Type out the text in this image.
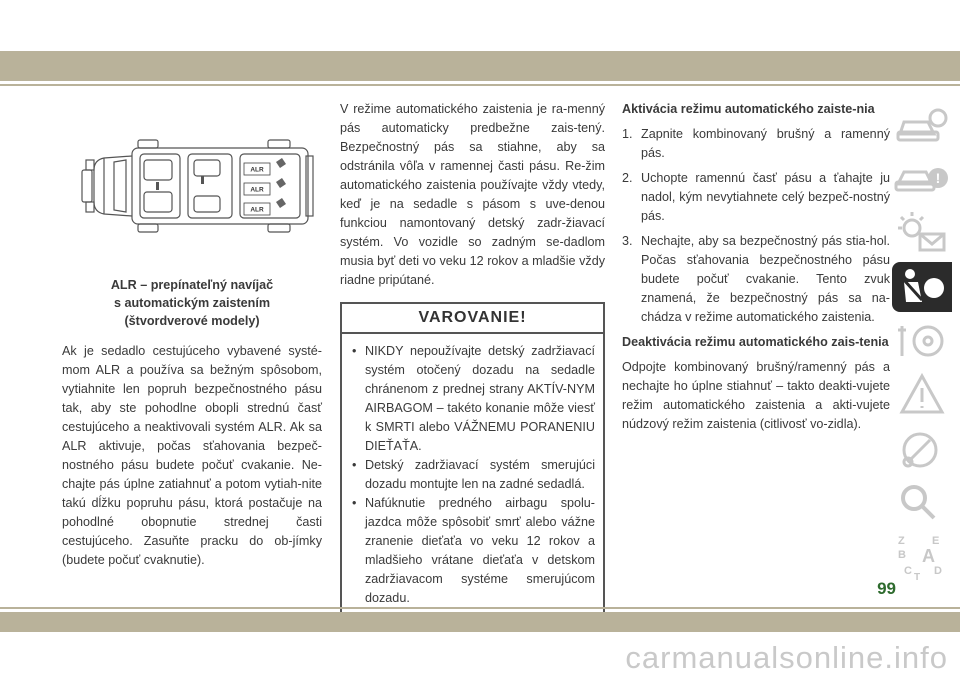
ALR
ALR
ALR
ALR – prepínateľný navíjač
s automatickým zaistením
(štvordverové modely)

Ak je sedadlo cestujúceho vybavené systé-mom ALR a používa sa bežným spôsobom, vytiahnite len popruh bezpečnostného pásu tak, aby ste pohodlne obopli strednú časť cestujúceho a neaktivovali systém ALR. Ak sa ALR aktivuje, počas sťahovania bezpeč-nostného pásu budete počuť cvakanie. Ne-chajte pás úplne zatiahnuť a potom vytiah-nite takú dĺžku popruhu pásu, ktorá postačuje na pohodlné obopnutie strednej časti cestujúceho. Zasuňte pracku do ob-jímky (budete počuť cvaknutie).

V režime automatického zaistenia je ra-menný pás automaticky predbežne zais-tený. Bezpečnostný pás sa stiahne, aby sa odstránila vôľa v ramennej časti pásu. Re-žim automatického zaistenia používajte vždy vtedy, keď je na sedadle s pásom s uve-denou funkciou namontovaný detský zadr-žiavací systém. Vo vozidle so zadným se-dadlom musia byť deti vo veku 12 rokov a mladšie vždy riadne pripútané.

VAROVANIE!
• NIKDY nepoužívajte detský zadržiavací systém otočený dozadu na sedadle chránenom z prednej strany AKTÍV-NYM AIRBAGOM – takéto konanie môže viesť k SMRTI alebo VÁŽNEMU PORANENIU DIEŤAŤA.
• Detský zadržiavací systém smerujúci dozadu montujte len na zadné sedadlá.
• Nafúknutie predného airbagu spolu-jazdca môže spôsobiť smrť alebo vážne zranenie dieťaťa vo veku 12 rokov a mladšieho vrátane dieťaťa v detskom zadržiavacom systéme smerujúcom dozadu.

Aktivácia režimu automatického zaiste-nia

1. Zapnite kombinovaný brušný a ramenný pás.
2. Uchopte ramennú časť pásu a ťahajte ju nadol, kým nevytiahnete celý bezpeč-nostný pás.
3. Nechajte, aby sa bezpečnostný pás stia-hol. Počas sťahovania bezpečnostného pásu budete počuť cvakanie. Tento zvuk znamená, že bezpečnostný pás sa na-chádza v režime automatického zaistenia.

Deaktivácia režimu automatického zais-tenia

Odpojte kombinovaný brušný/ramenný pás a nechajte ho úplne stiahnuť – takto deakti-vujete režim automatického zaistenia a akti-vujete núdzový režim zaistenia (citlivosť vo-zidla).

!
Z E
B A
C D
T
99
carmanualsonline.info
